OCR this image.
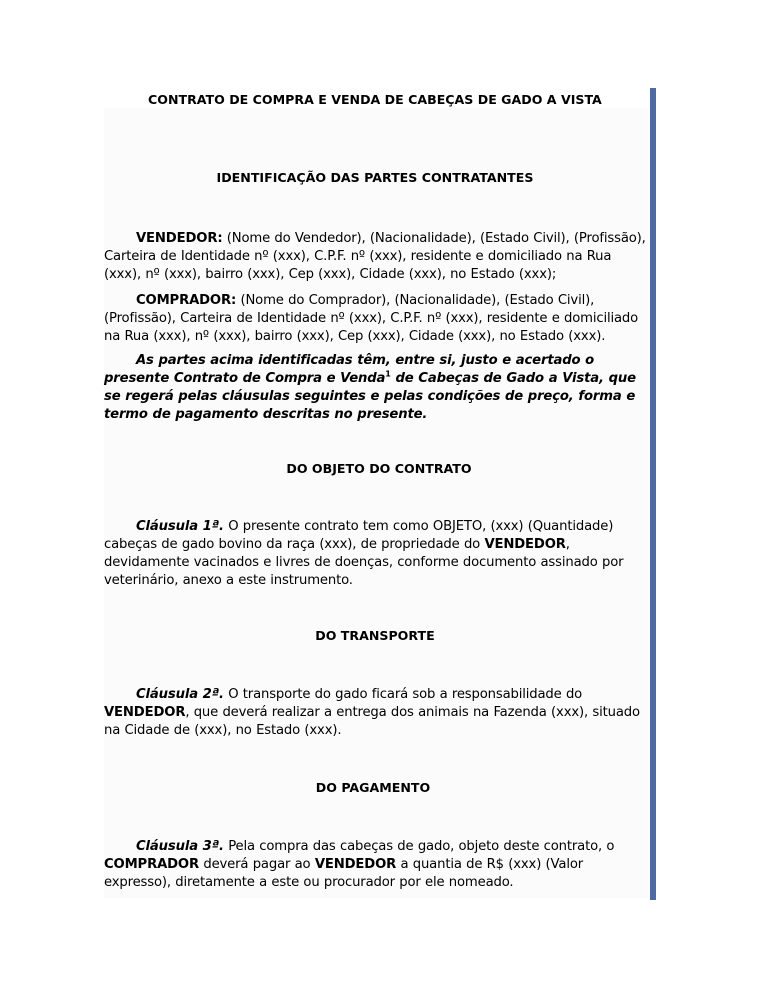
CONTRATO DE COMPRA E VENDA DE CABEÇAS DE GADO A VISTA
IDENTIFICAÇÃO DAS PARTES CONTRATANTES

VENDEDOR: (Nome do Vendedor), (Nacionalidade), (Estado Civil), (Profissão), Carteira de Identidade nº (xxx), C.P.F. nº (xxx), residente e domiciliado na Rua (xxx), nº (xxx), bairro (xxx), Cep (xxx), Cidade (xxx), no Estado (xxx);

COMPRADOR: (Nome do Comprador), (Nacionalidade), (Estado Civil), (Profissão), Carteira de Identidade nº (xxx), C.P.F. nº (xxx), residente e domiciliado na Rua (xxx), nº (xxx), bairro (xxx), Cep (xxx), Cidade (xxx), no Estado (xxx).

As partes acima identificadas têm, entre si, justo e acertado o presente Contrato de Compra e Venda$^1$ de Cabeças de Gado a Vista, que se regerá pelas cláusulas seguintes e pelas condições de preço, forma e termo de pagamento descritas no presente.

DO OBJETO DO CONTRATO

Cláusula 1ª. O presente contrato tem como OBJETO, (xxx) (Quantidade) cabeças de gado bovino da raça (xxx), de propriedade do VENDEDOR, devidamente vacinados e livres de doenças, conforme documento assinado por veterinário, anexo a este instrumento.

DO TRANSPORTE

Cláusula 2ª. O transporte do gado ficará sob a responsabilidade do VENDEDOR, que deverá realizar a entrega dos animais na Fazenda (xxx), situado na Cidade de (xxx), no Estado (xxx).

DO PAGAMENTO

Cláusula 3ª. Pela compra das cabeças de gado, objeto deste contrato, o COMPRADOR deverá pagar ao VENDEDOR a quantia de R$ (xxx) (Valor expresso), diretamente a este ou procurador por ele nomeado.
